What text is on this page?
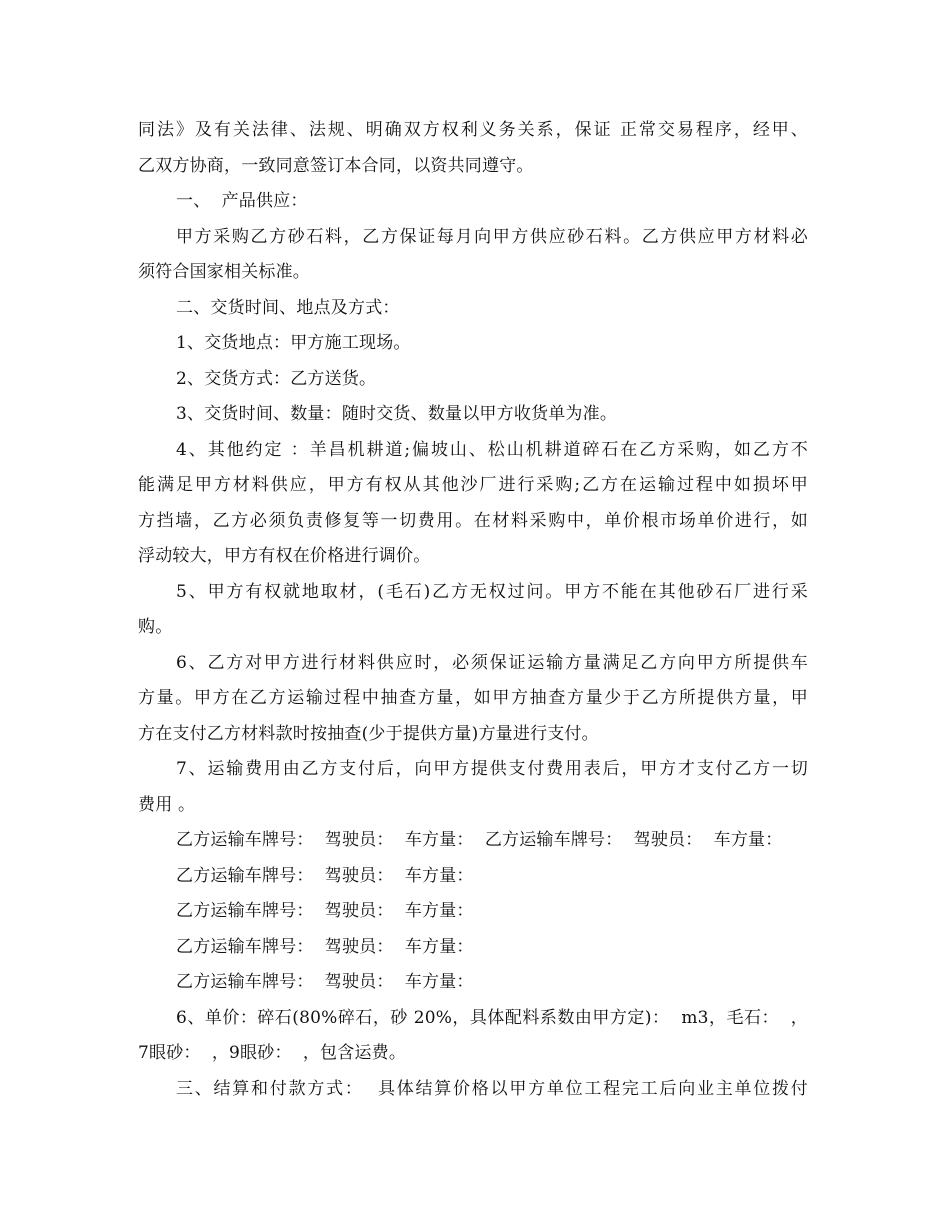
同法》及有关法律、法规、明确双方权利义务关系，保证 正常交易程序，经甲、
乙双方协商，一致同意签订本合同，以资共同遵守。
一、  产品供应：
甲方采购乙方砂石料，乙方保证每月向甲方供应砂石料。乙方供应甲方材料必
须符合国家相关标准。
二、交货时间、地点及方式：
1、交货地点：甲方施工现场。
2、交货方式：乙方送货。
3、交货时间、数量：随时交货、数量以甲方收货单为准。
4、其他约定 ：羊昌机耕道;偏坡山、松山机耕道碎石在乙方采购，如乙方不
能满足甲方材料供应，甲方有权从其他沙厂进行采购;乙方在运输过程中如损坏甲
方挡墙，乙方必须负责修复等一切费用。在材料采购中，单价根市场单价进行，如
浮动较大，甲方有权在价格进行调价。
5、甲方有权就地取材，(毛石)乙方无权过问。甲方不能在其他砂石厂进行采
购。
6、乙方对甲方进行材料供应时，必须保证运输方量满足乙方向甲方所提供车
方量。甲方在乙方运输过程中抽查方量，如甲方抽查方量少于乙方所提供方量，甲
方在支付乙方材料款时按抽查(少于提供方量)方量进行支付。
7、运输费用由乙方支付后，向甲方提供支付费用表后，甲方才支付乙方一切
费用 。
乙方运输车牌号：  驾驶员：  车方量：  乙方运输车牌号：  驾驶员：  车方量：
乙方运输车牌号：  驾驶员：  车方量：
乙方运输车牌号：  驾驶员：  车方量：
乙方运输车牌号：  驾驶员：  车方量：
乙方运输车牌号：  驾驶员：  车方量：
6、单价：碎石(80%碎石，砂 20%，具体配料系数由甲方定)：  m3，毛石：  ，
7眼砂：  ，9眼砂：  ，包含运费。
三、结算和付款方式：  具体结算价格以甲方单位工程完工后向业主单位拨付
